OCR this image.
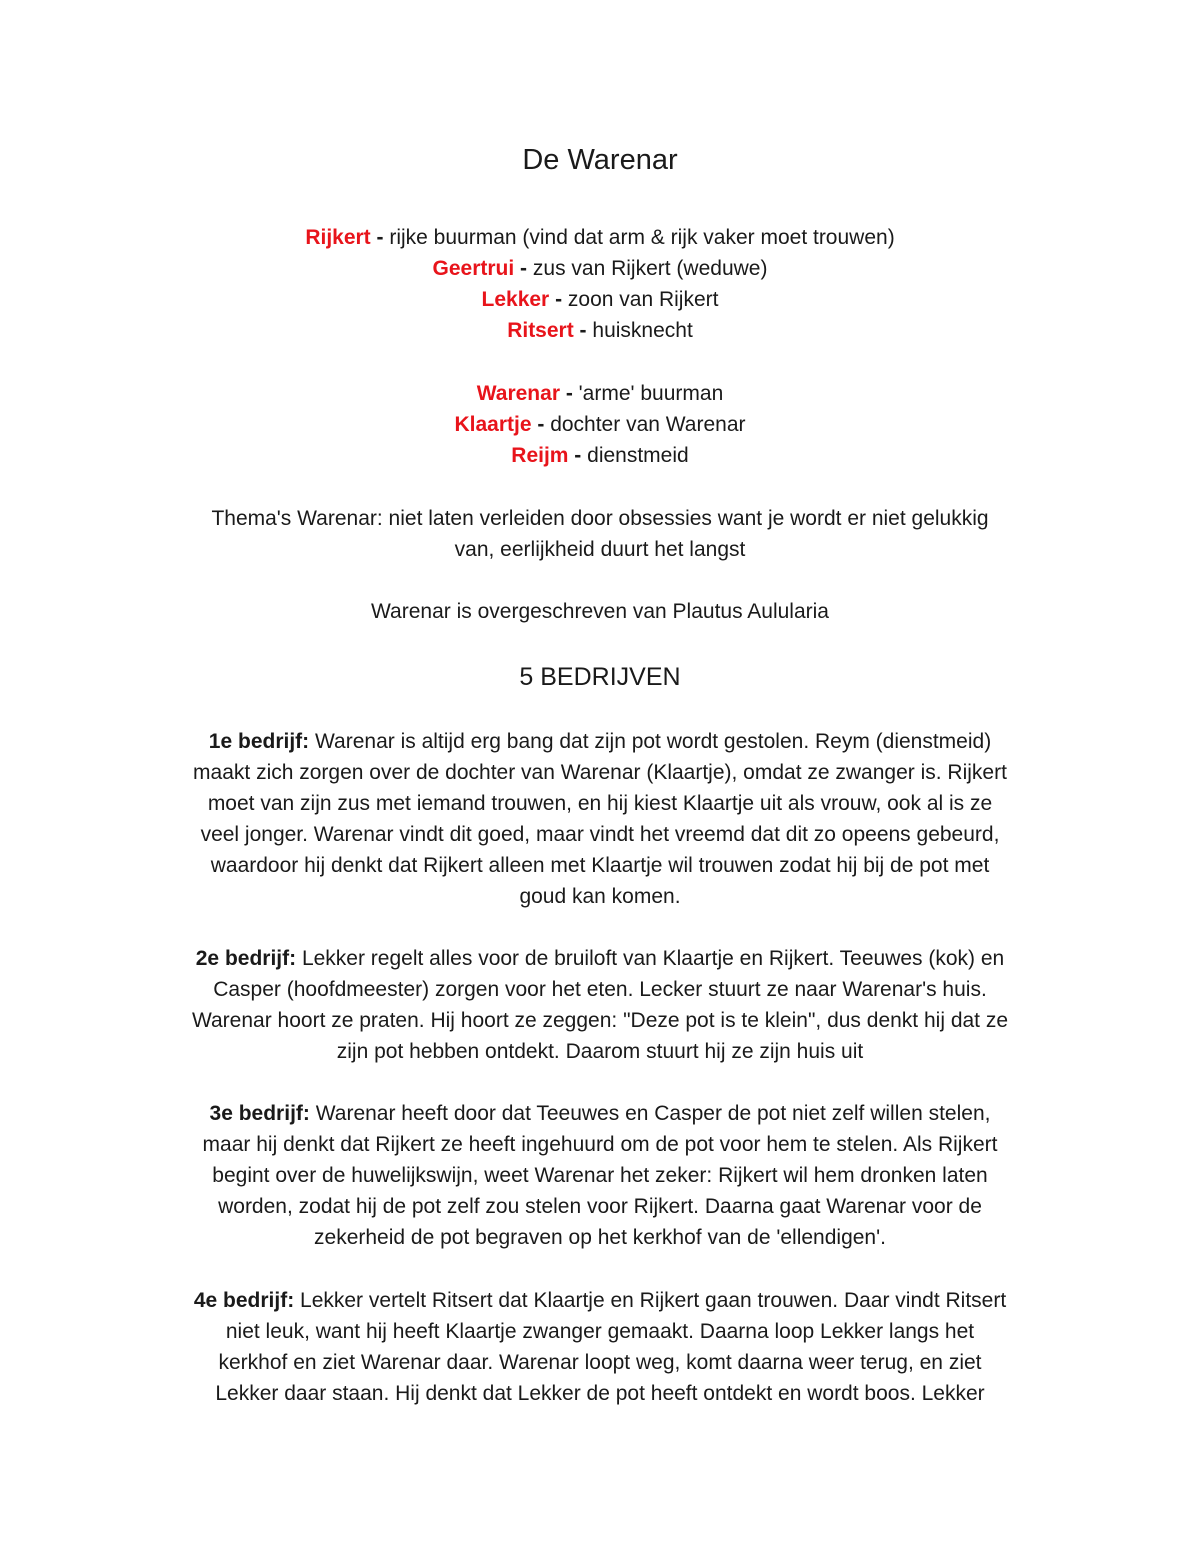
De Warenar
Rijkert - rijke buurman (vind dat arm & rijk vaker moet trouwen)
Geertrui - zus van Rijkert (weduwe)
Lekker - zoon van Rijkert
Ritsert - huisknecht
Warenar - 'arme' buurman
Klaartje - dochter van Warenar
Reijm - dienstmeid

Thema's Warenar: niet laten verleiden door obsessies want je wordt er niet gelukkig
van, eerlijkheid duurt het langst

Warenar is overgeschreven van Plautus Aulularia

5 BEDRIJVEN

1e bedrijf: Warenar is altijd erg bang dat zijn pot wordt gestolen. Reym (dienstmeid)
maakt zich zorgen over de dochter van Warenar (Klaartje), omdat ze zwanger is. Rijkert
moet van zijn zus met iemand trouwen, en hij kiest Klaartje uit als vrouw, ook al is ze
veel jonger. Warenar vindt dit goed, maar vindt het vreemd dat dit zo opeens gebeurd,
waardoor hij denkt dat Rijkert alleen met Klaartje wil trouwen zodat hij bij de pot met
goud kan komen.

2e bedrijf: Lekker regelt alles voor de bruiloft van Klaartje en Rijkert. Teeuwes (kok) en
Casper (hoofdmeester) zorgen voor het eten. Lecker stuurt ze naar Warenar's huis.
Warenar hoort ze praten. Hij hoort ze zeggen: "Deze pot is te klein", dus denkt hij dat ze
zijn pot hebben ontdekt. Daarom stuurt hij ze zijn huis uit

3e bedrijf: Warenar heeft door dat Teeuwes en Casper de pot niet zelf willen stelen,
maar hij denkt dat Rijkert ze heeft ingehuurd om de pot voor hem te stelen. Als Rijkert
begint over de huwelijkswijn, weet Warenar het zeker: Rijkert wil hem dronken laten
worden, zodat hij de pot zelf zou stelen voor Rijkert. Daarna gaat Warenar voor de
zekerheid de pot begraven op het kerkhof van de 'ellendigen'.

4e bedrijf: Lekker vertelt Ritsert dat Klaartje en Rijkert gaan trouwen. Daar vindt Ritsert
niet leuk, want hij heeft Klaartje zwanger gemaakt. Daarna loop Lekker langs het
kerkhof en ziet Warenar daar. Warenar loopt weg, komt daarna weer terug, en ziet
Lekker daar staan. Hij denkt dat Lekker de pot heeft ontdekt en wordt boos. Lekker
